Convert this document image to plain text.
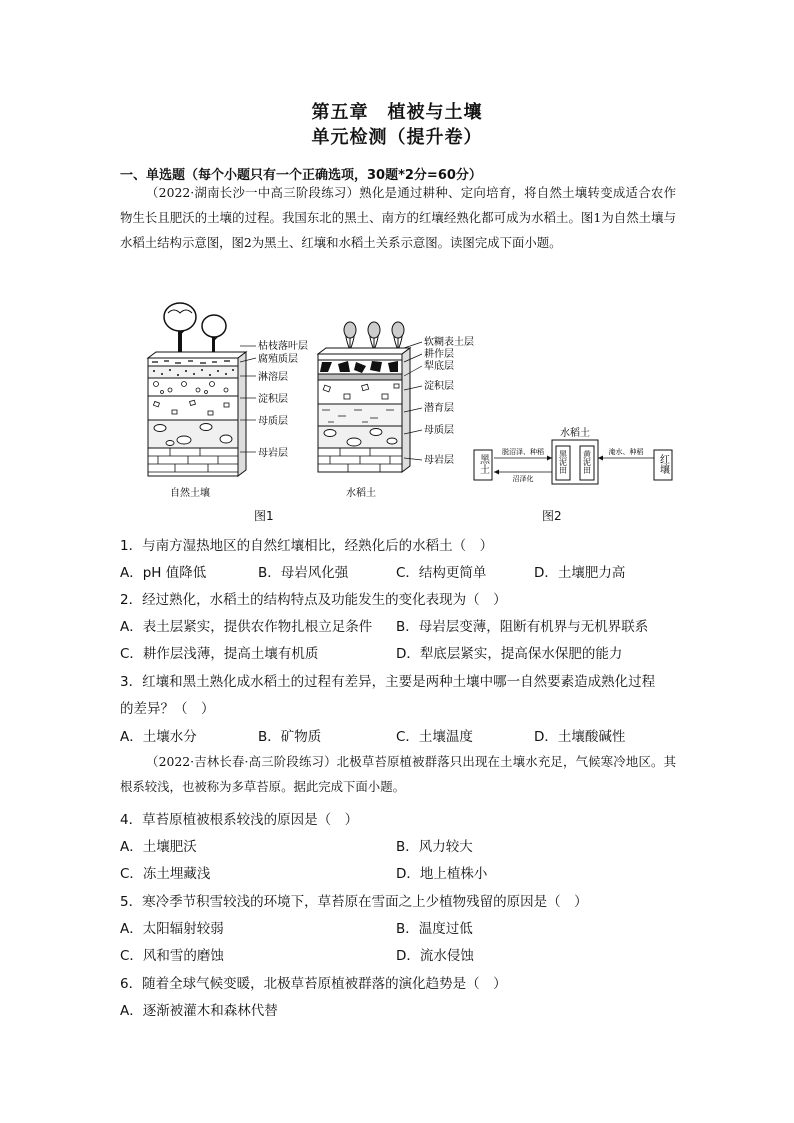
第五章　植被与土壤
单元检测（提升卷）
一、单选题（每个小题只有一个正确选项，30题*2分=60分）
（2022·湖南长沙一中高三阶段练习）熟化是通过耕种、定向培育，将自然土壤转变成适合农作物生长且肥沃的土壤的过程。我国东北的黑土、南方的红壤经熟化都可成为水稻土。图1为自然土壤与水稻土结构示意图，图2为黑土、红壤和水稻土关系示意图。读图完成下面小题。
枯枝落叶层
腐殖质层
淋溶层
淀积层
母质层
母岩层
自然土壤
软糊表土层
耕作层
犁底层
淀积层
潜育层
母质层
母岩层
水稻土
图1
黑土	红壤
水稻土
黑泥田 黄泥田
脱沼泽、种稻
沼泽化
淹水、种稻
图2
1．与南方湿热地区的自然红壤相比，经熟化后的水稻土（　）
A．pH 值降低	B．母岩风化强	C．结构更简单	D．土壤肥力高
2．经过熟化，水稻土的结构特点及功能发生的变化表现为（　）
A．表土层紧实，提供农作物扎根立足条件 B．母岩层变薄，阻断有机界与无机界联系
C．耕作层浅薄，提高土壤有机质	D．犁底层紧实，提高保水保肥的能力
3．红壤和黑土熟化成水稻土的过程有差异，主要是两种土壤中哪一自然要素造成熟化过程
的差异？（　）
A．土壤水分	B．矿物质	C．土壤温度	D．土壤酸碱性
（2022·吉林长春·高三阶段练习）北极草苔原植被群落只出现在土壤水充足，气候寒冷地区。其根系较浅，也被称为多草苔原。据此完成下面小题。
4．草苔原植被根系较浅的原因是（　）
A．土壤肥沃	B．风力较大
C．冻土埋藏浅	D．地上植株小
5．寒冷季节积雪较浅的环境下，草苔原在雪面之上少植物残留的原因是（　）
A．太阳辐射较弱	B．温度过低
C．风和雪的磨蚀	D．流水侵蚀
6．随着全球气候变暖，北极草苔原植被群落的演化趋势是（　）
A．逐渐被灌木和森林代替
